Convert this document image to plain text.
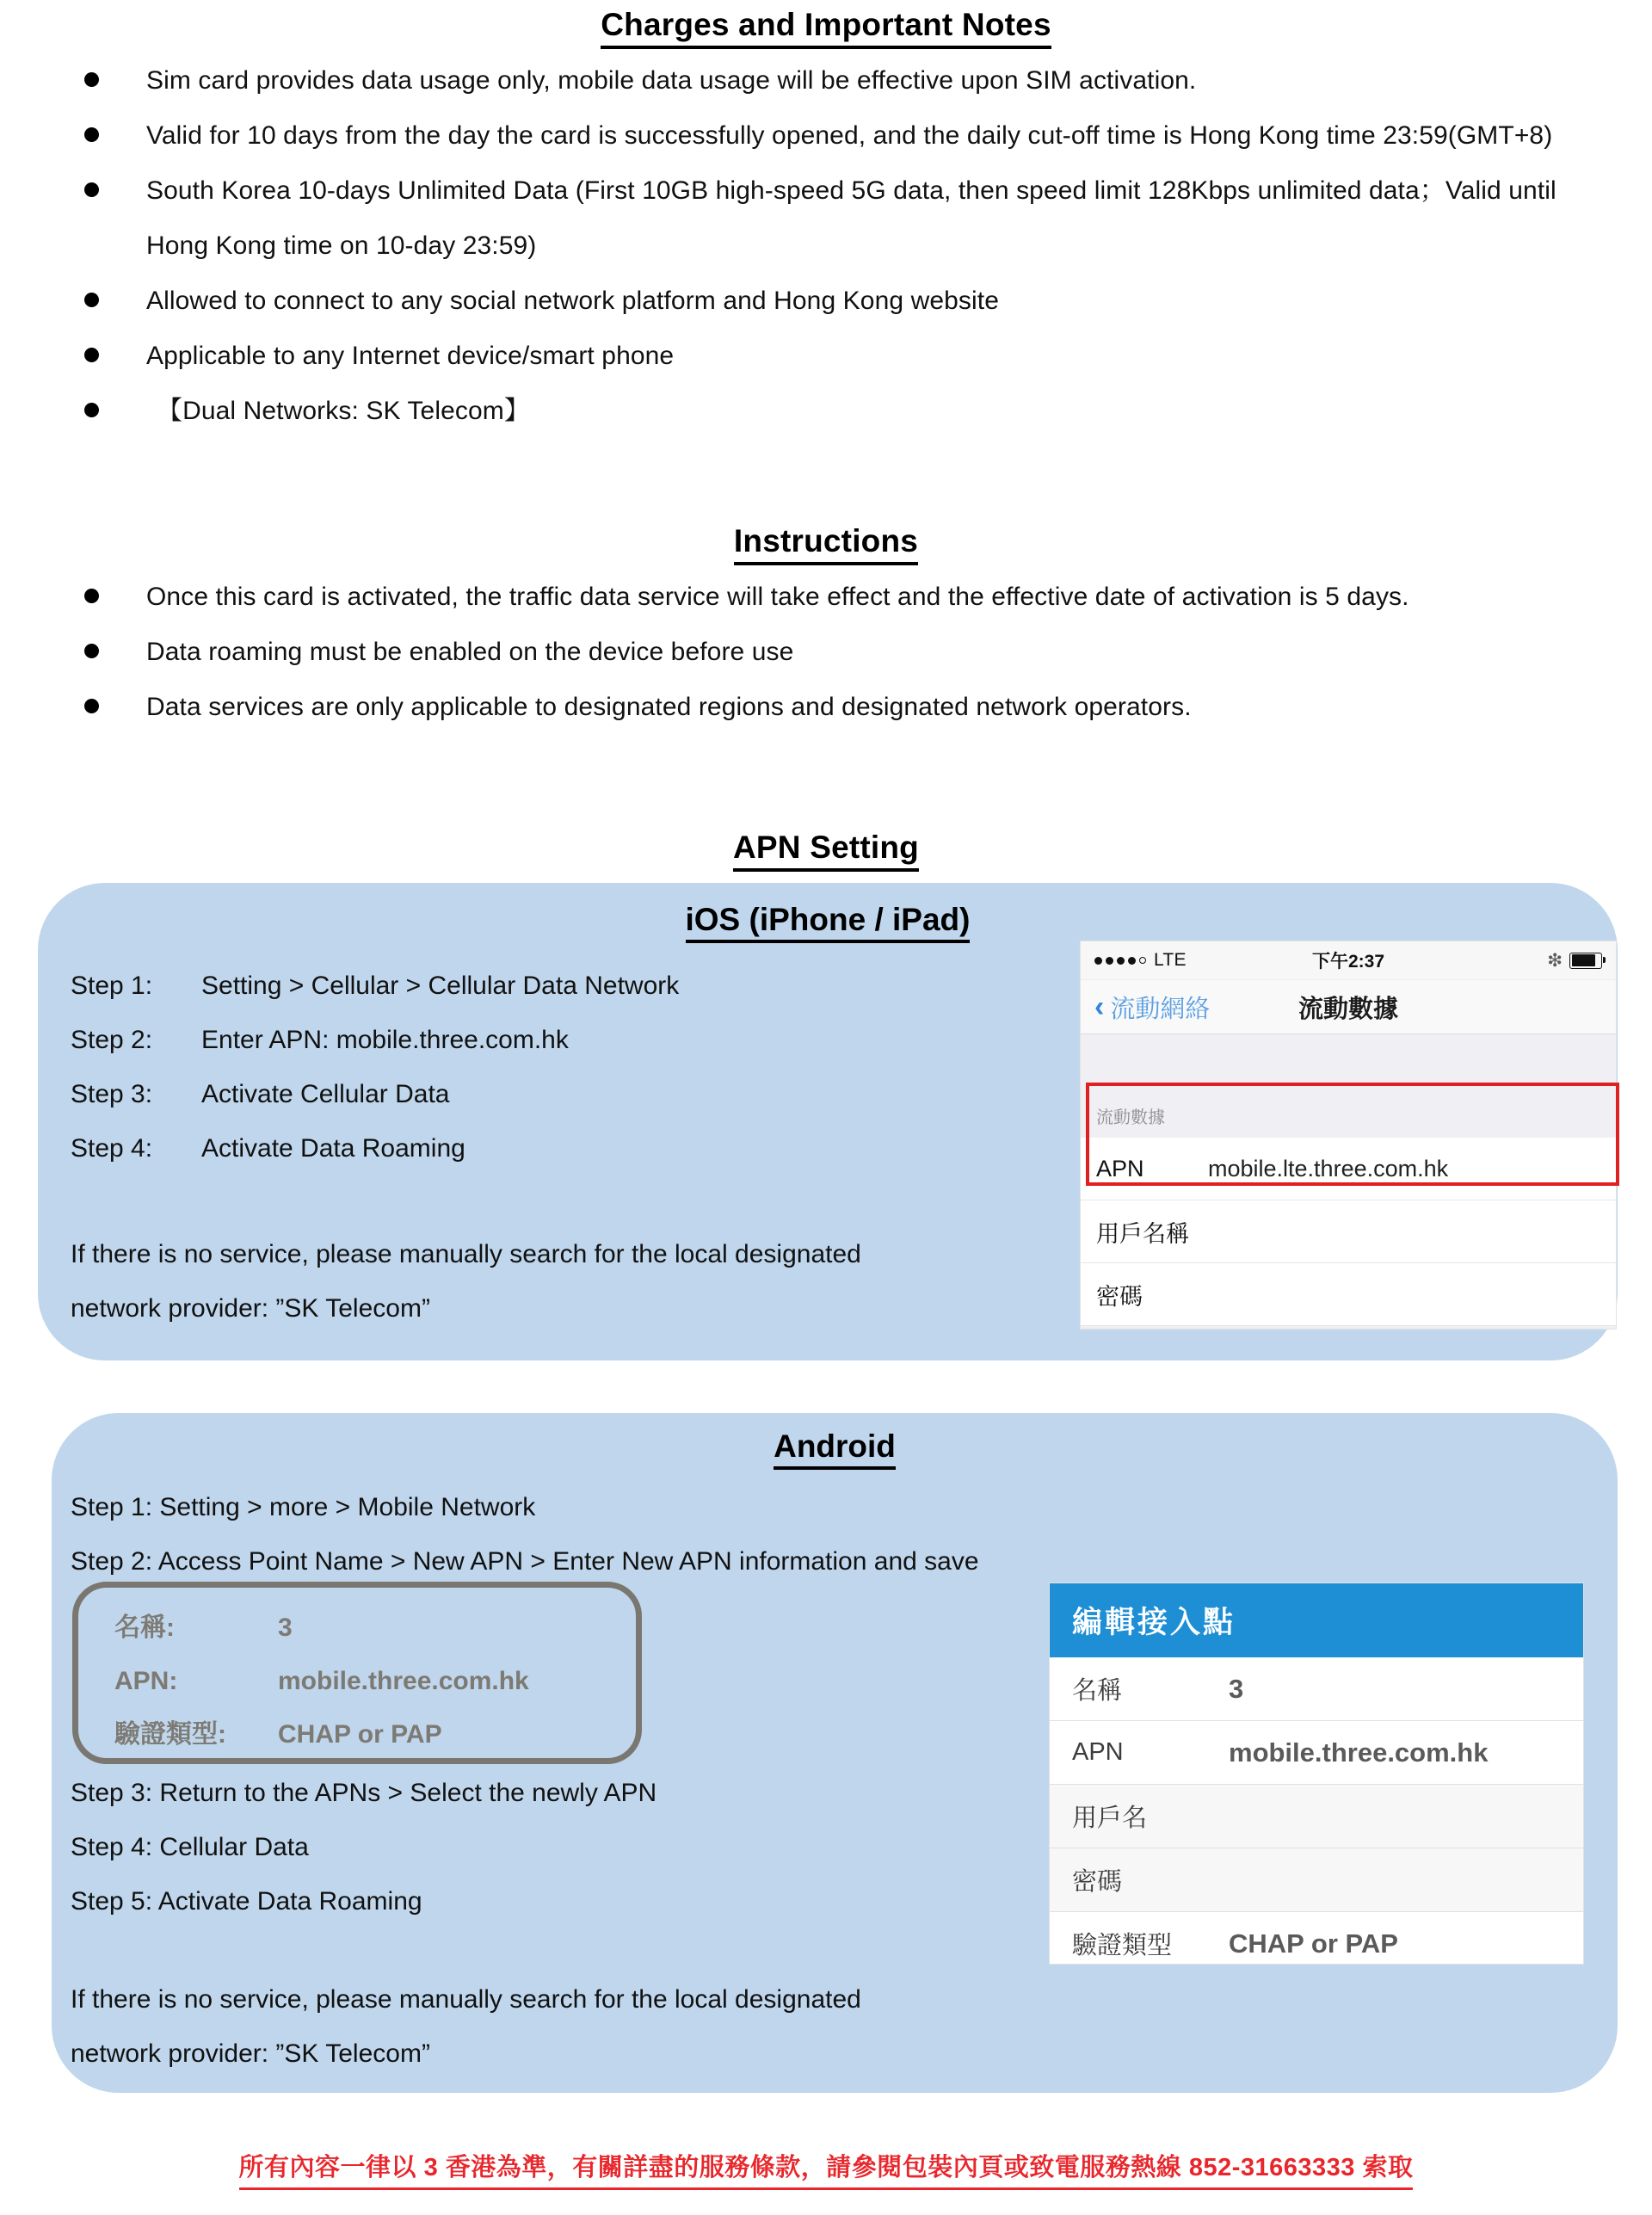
Charges and Important Notes
Sim card provides data usage only, mobile data usage will be effective upon SIM activation.
Valid for 10 days from the day the card is successfully opened, and the daily cut-off time is Hong Kong time 23:59(GMT+8)
South Korea 10-days Unlimited Data (First 10GB high-speed 5G data, then speed limit 128Kbps unlimited data；Valid until Hong Kong time on 10-day 23:59)
Allowed to connect to any social network platform and Hong Kong website
Applicable to any Internet device/smart phone
【Dual Networks: SK Telecom】
Instructions
Once this card is activated, the traffic data service will take effect and the effective date of activation is 5 days.
Data roaming must be enabled on the device before use
Data services are only applicable to designated regions and designated network operators.
APN Setting
iOS (iPhone / iPad)
Step 1:	Setting > Cellular > Cellular Data Network
Step 2:	Enter APN: mobile.three.com.hk
Step 3:	Activate Cellular Data
Step 4:	Activate Data Roaming
If there is no service, please manually search for the local designated
network provider: ”SK Telecom”
LTE	下午2:37	❇
‹ 流動網絡	流動數據
流動數據
APN	mobile.lte.three.com.hk
用戶名稱
密碼
Android
Step 1: Setting > more > Mobile Network
Step 2: Access Point Name > New APN > Enter New APN information and save
名稱:	3
APN:	mobile.three.com.hk
驗證類型:	CHAP or PAP
Step 3: Return to the APNs > Select the newly APN
Step 4: Cellular Data
Step 5: Activate Data Roaming
If there is no service, please manually search for the local designated
network provider: ”SK Telecom”
編輯接入點
名稱	3
APN	mobile.three.com.hk
用戶名
密碼
驗證類型	CHAP or PAP
所有內容一律以 3 香港為準，有關詳盡的服務條款，請參閱包裝內頁或致電服務熱線 852-31663333 索取
